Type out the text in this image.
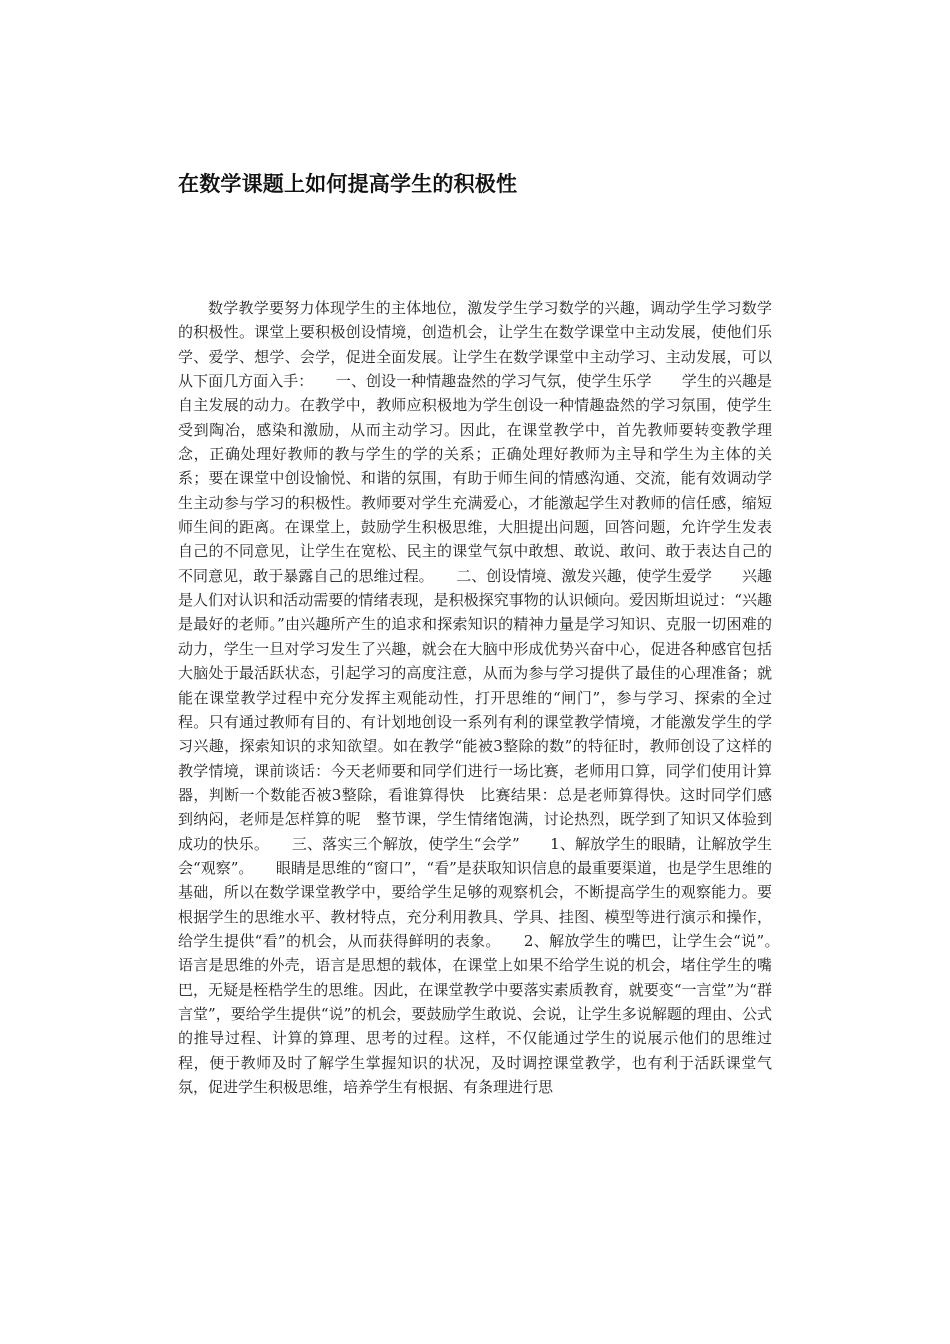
在数学课题上如何提高学生的积极性

数学教学要努力体现学生的主体地位，激发学生学习数学的兴趣，调动学生学习数学的积极性。课堂上要积极创设情境，创造机会，让学生在数学课堂中主动发展，使他们乐学、爱学、想学、会学，促进全面发展。让学生在数学课堂中主动学习、主动发展，可以从下面几方面入手：　　一、创设一种情趣盎然的学习气氛，使学生乐学　　学生的兴趣是自主发展的动力。在教学中，教师应积极地为学生创设一种情趣盎然的学习氛围，使学生受到陶冶，感染和激励，从而主动学习。因此，在课堂教学中，首先教师要转变教学理念，正确处理好教师的教与学生的学的关系；正确处理好教师为主导和学生为主体的关系；要在课堂中创设愉悦、和谐的氛围，有助于师生间的情感沟通、交流，能有效调动学生主动参与学习的积极性。教师要对学生充满爱心，才能激起学生对教师的信任感，缩短师生间的距离。在课堂上，鼓励学生积极思维，大胆提出问题，回答问题，允许学生发表自己的不同意见，让学生在宽松、民主的课堂气氛中敢想、敢说、敢问、敢于表达自己的不同意见，敢于暴露自己的思维过程。　　二、创设情境、激发兴趣，使学生爱学　　兴趣是人们对认识和活动需要的情绪表现，是积极探究事物的认识倾向。爱因斯坦说过：“兴趣是最好的老师。”由兴趣所产生的追求和探索知识的精神力量是学习知识、克服一切困难的动力，学生一旦对学习发生了兴趣，就会在大脑中形成优势兴奋中心，促进各种感官包括大脑处于最活跃状态，引起学习的高度注意，从而为参与学习提供了最佳的心理准备；就能在课堂教学过程中充分发挥主观能动性，打开思维的“闸门”，参与学习、探索的全过程。只有通过教师有目的、有计划地创设一系列有利的课堂教学情境，才能激发学生的学习兴趣，探索知识的求知欲望。如在教学“能被3整除的数”的特征时，教师创设了这样的教学情境，课前谈话：今天老师要和同学们进行一场比赛，老师用口算，同学们使用计算器，判断一个数能否被3整除，看谁算得快　比赛结果：总是老师算得快。这时同学们感到纳闷，老师是怎样算的呢　整节课，学生情绪饱满，讨论热烈，既学到了知识又体验到成功的快乐。　　三、落实三个解放，使学生“会学”　　1、解放学生的眼睛，让解放学生会“观察”。　　眼睛是思维的“窗口”，“看”是获取知识信息的最重要渠道，也是学生思维的基础，所以在数学课堂教学中，要给学生足够的观察机会，不断提高学生的观察能力。要根据学生的思维水平、教材特点，充分利用教具、学具、挂图、模型等进行演示和操作，给学生提供“看”的机会，从而获得鲜明的表象。　　2、解放学生的嘴巴，让学生会“说”。　　语言是思维的外壳，语言是思想的载体，在课堂上如果不给学生说的机会，堵住学生的嘴巴，无疑是桎梏学生的思维。因此，在课堂教学中要落实素质教育，就要变“一言堂”为“群言堂”，要给学生提供“说”的机会，要鼓励学生敢说、会说，让学生多说解题的理由、公式的推导过程、计算的算理、思考的过程。这样，不仅能通过学生的说展示他们的思维过程，便于教师及时了解学生掌握知识的状况，及时调控课堂教学，也有利于活跃课堂气氛，促进学生积极思维，培养学生有根据、有条理进行思
